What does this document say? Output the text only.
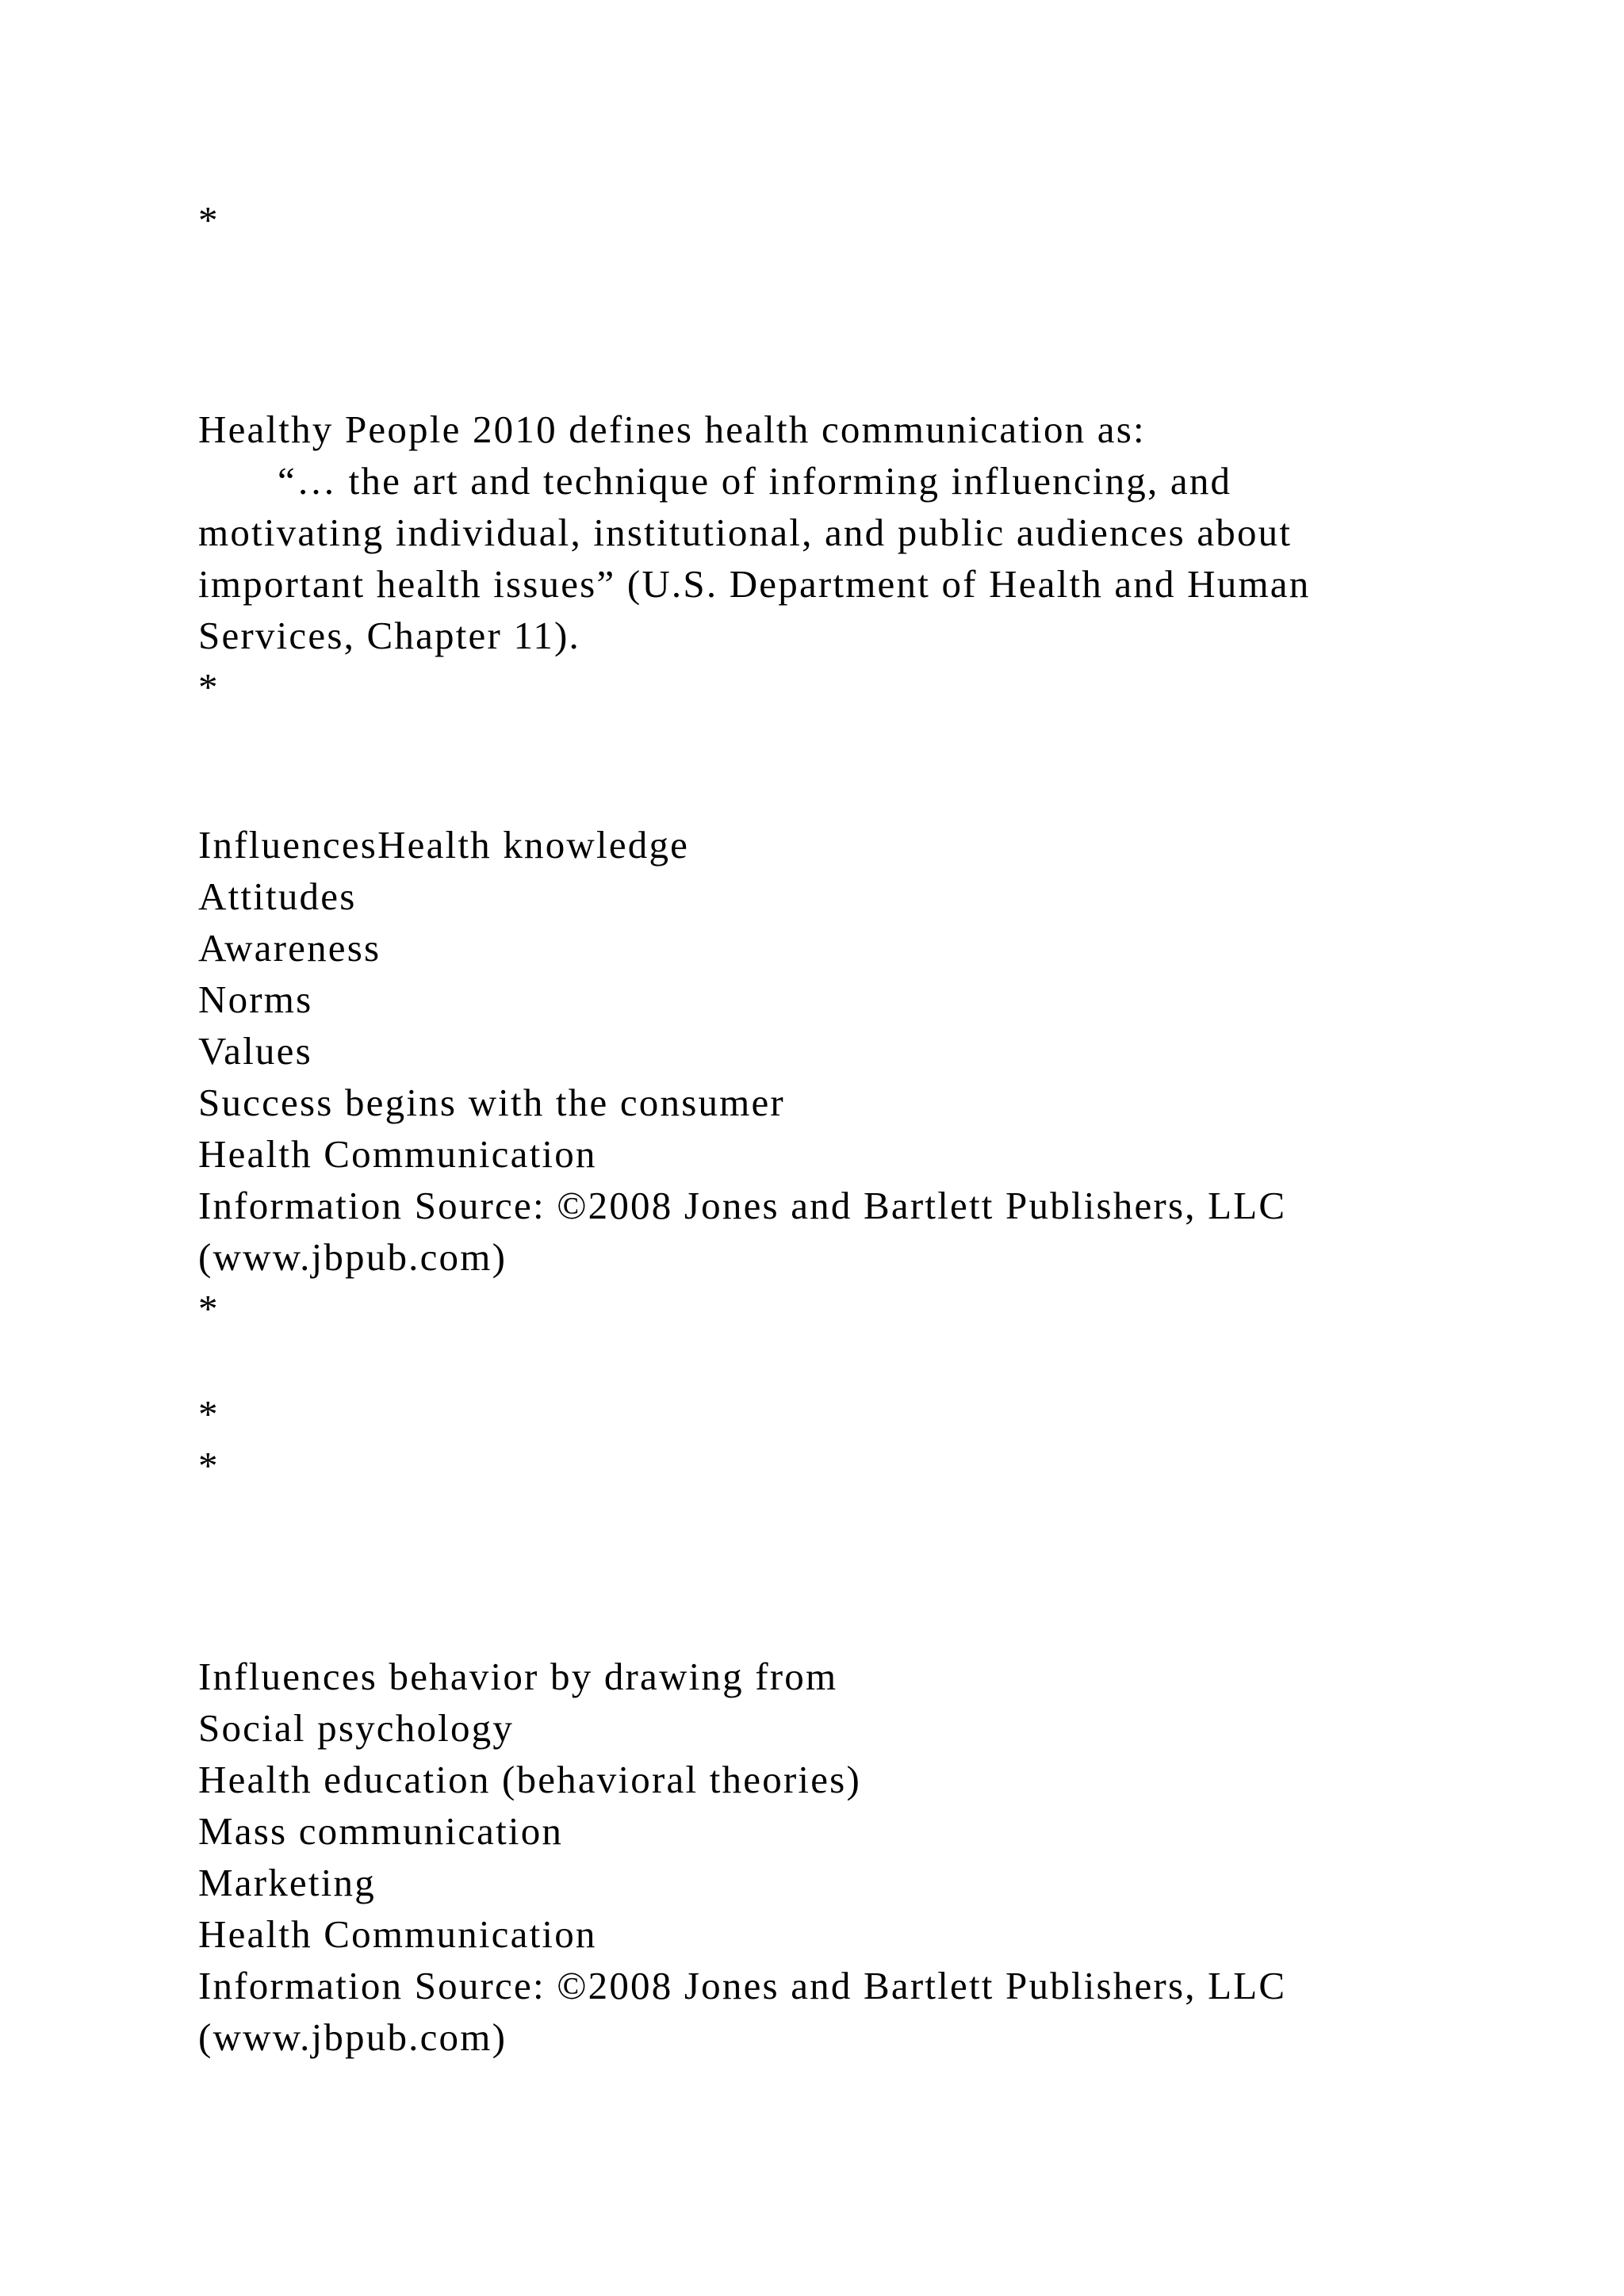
*
Healthy People 2010 defines health communication as:
“… the art and technique of informing influencing, and
motivating individual, institutional, and public audiences about
important health issues” (U.S. Department of Health and Human
Services, Chapter 11).
*
InfluencesHealth knowledge
Attitudes
Awareness
Norms
Values
Success begins with the consumer
Health Communication
Information Source: ©2008 Jones and Bartlett Publishers, LLC
(www.jbpub.com)
*
*
*
Influences behavior by drawing from
Social psychology
Health education (behavioral theories)
Mass communication
Marketing
Health Communication
Information Source: ©2008 Jones and Bartlett Publishers, LLC
(www.jbpub.com)
